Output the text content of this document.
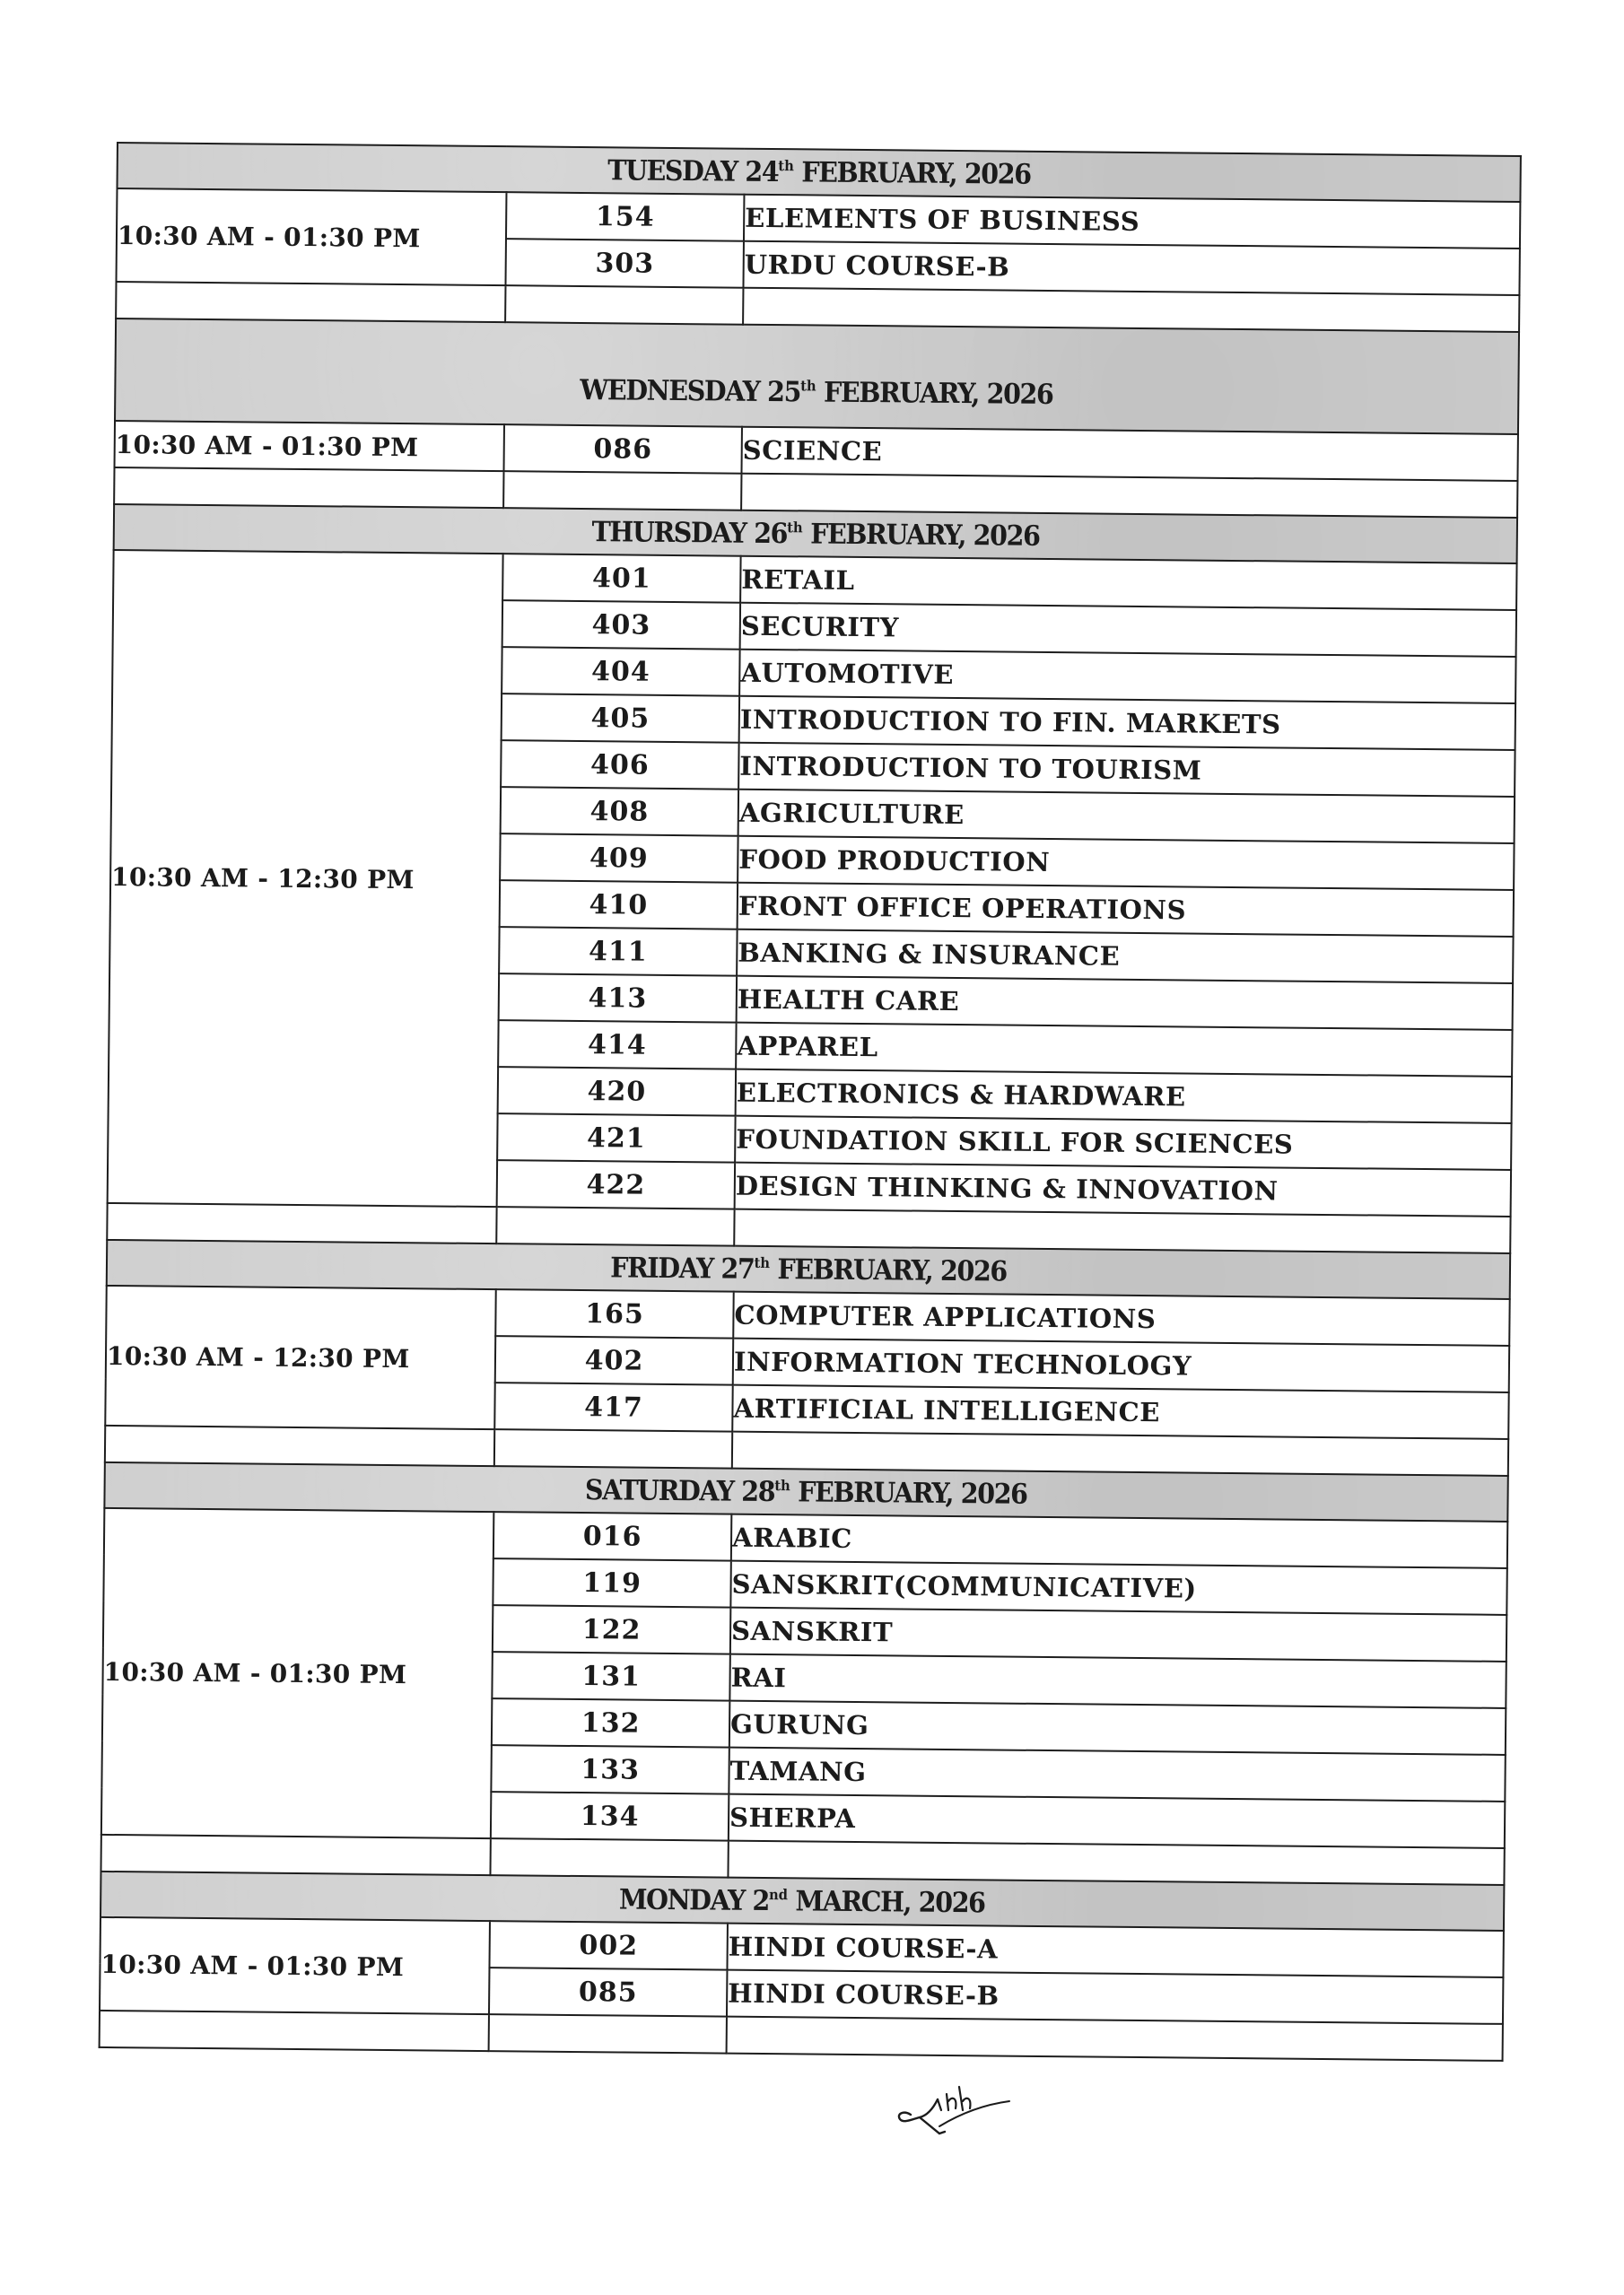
TUESDAY 24th FEBRUARY, 2026		
10:30 AM - 01:30 PM	154	ELEMENTS OF BUSINESS
	303	URDU COURSE-B

WEDNESDAY 25th FEBRUARY, 2026		
10:30 AM - 01:30 PM	086	SCIENCE

THURSDAY 26th FEBRUARY, 2026		
10:30 AM - 12:30 PM	401	RETAIL
	403	SECURITY
	404	AUTOMOTIVE
	405	INTRODUCTION TO FIN. MARKETS
	406	INTRODUCTION TO TOURISM
	408	AGRICULTURE
	409	FOOD PRODUCTION
	410	FRONT OFFICE OPERATIONS
	411	BANKING & INSURANCE
	413	HEALTH CARE
	414	APPAREL
	420	ELECTRONICS & HARDWARE
	421	FOUNDATION SKILL FOR SCIENCES
	422	DESIGN THINKING & INNOVATION

FRIDAY 27th FEBRUARY, 2026		
10:30 AM - 12:30 PM	165	COMPUTER APPLICATIONS
	402	INFORMATION TECHNOLOGY
	417	ARTIFICIAL INTELLIGENCE

SATURDAY 28th FEBRUARY, 2026		
10:30 AM - 01:30 PM	016	ARABIC
	119	SANSKRIT(COMMUNICATIVE)
	122	SANSKRIT
	131	RAI
	132	GURUNG
	133	TAMANG
	134	SHERPA

MONDAY 2nd MARCH, 2026		
10:30 AM - 01:30 PM	002	HINDI COURSE-A
	085	HINDI COURSE-B
